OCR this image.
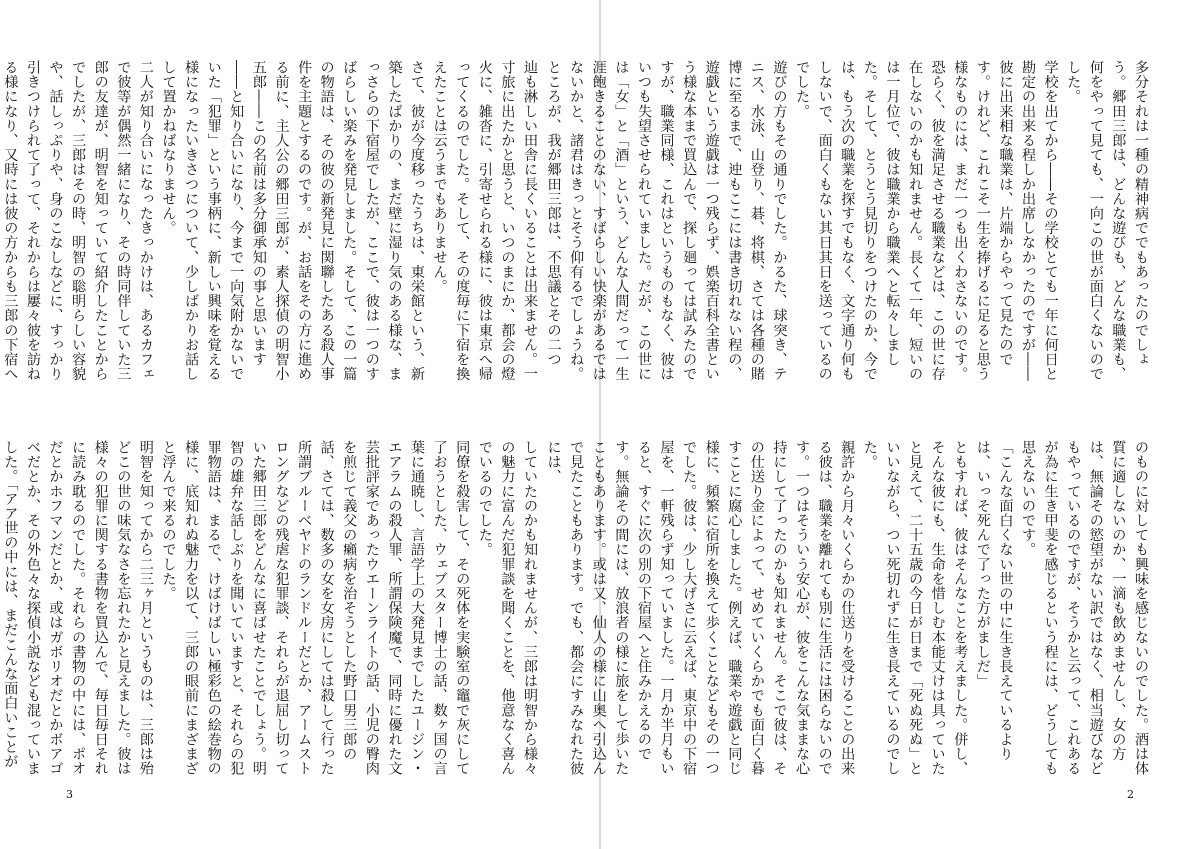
辿も淋しい田舎に長くいることは出来ません。一寸旅に出たかと思うと、いつのまにか、都会の燈火に、雑沓に、引寄せられる様に、彼は東京へ帰ってくるのでした。そして、その度毎に下宿を換えたことは云うまでもありません。
さて、彼が今度移ったうちは、東栄館という、新築したばかりの、まだ壁に湿り気のある様な、まっさらの下宿屋でしたが、ここで、彼は一つのすばらしい楽みを発見しました。そして、この一篇の物語は、その彼の新発見に関聯したある殺人事件を主題とするのです。が、お話をその方に進める前に、主人公の郷田三郎が、素人探偵の明智小五郎――この名前は多分御承知の事と思います――と知り合いになり、今まで一向気附かないでいた「犯罪」という事柄に、新しい興味を覚える様になったいきさつについて、少しばかりお話しして置かねばなりません。
二人が知り合いになったきっかけは、あるカフェで彼等が偶然一緒になり、その時同伴していた三郎の友達が、明智を知っていて紹介したことからでしたが、三郎はその時、明智の聡明らしい容貌や、話しっぷりや、身のこなしなどに、すっかり引きつけられて了って、それからは屢々彼を訪ねる様になり、又時には彼の方からも三郎の下宿へ
していたのかも知れませんが、三郎は明智から様々の魅力に富んだ犯罪談を聞くことを、他意なく喜んでいるのでした。
同僚を殺害して、その死体を実験室の竈で灰にして了おうとした、ウェブスター博士の話、数ヶ国の言葉に通暁し、言語学上の大発見までしたユージン・エアラムの殺人罪、所謂保険魔で、同時に優れた文芸批評家であったウエーンライトの話、小児の臀肉を煎じて義父の癩病を治そうとした野口男三郎の話、さては、数多の女を女房にしては殺して行った所謂ブルーベヤドのランドルーだとか、アームストロングなどの残虐な犯罪談、それらが退屈し切っていた郷田三郎をどんなに喜ばせたことでしょう。明智の雄弁な話しぶりを聞いていますと、それらの犯罪物語は、まるで、けばけばしい極彩色の絵巻物の様に、底知れぬ魅力を以て、三郎の眼前にまざまざと浮んで来るのでした。
明智を知ってから二三ヶ月というものは、三郎は殆どこの世の味気なさを忘れたかと見えました。彼は様々の犯罪に関する書物を買込んで、毎日毎日それに読み耽るのでした。それらの書物の中には、ポオだとかホフマンだとか、或はガボリオだとかボアゴベだとか、その外色々な探偵小説なども混っていました。「アア世の中には、まだこんな面白いことが
3
多分それは一種の精神病ででもあったのでしょう。郷田三郎は、どんな遊びも、どんな職業も、何をやって見ても、一向この世が面白くないのでした。
学校を出てから――その学校とても一年に何日と勘定の出来る程しか出席しなかったのですが――彼に出来相な職業は、片端からやって見たのです。けれど、これこそ一生を捧げるに足ると思う様なものには、まだ一つも出くわさないのです。恐らく、彼を満足させる職業などは、この世に存在しないのかも知れません。長くて一年、短いのは一月位で、彼は職業から職業へと転々しました。そして、とうとう見切りをつけたのか、今では、もう次の職業を探すでもなく、文字通り何もしないで、面白くもない其日其日を送っているのでした。
遊びの方もその通りでした。かるた、球突き、テニス、水泳、山登り、碁、将棋、さては各種の賭博に至るまで、迚もここには書き切れない程の、遊戯という遊戯は一つ残らず、娯楽百科全書という様な本まで買込んで、探し廻っては試みたのですが、職業同様、これはというものもなく、彼はいつも失望させられていました。だが、この世には「女」と「酒」という、どんな人間だって一生涯飽きることのない、すばらしい快楽があるではないかと、諸君はきっとそう仰有るでしょうね。ところが、我が郷田三郎は、不思議とその二つ
のものに対しても興味を感じないのでした。酒は体質に適しないのか、一滴も飲めませんし、女の方は、無論その慾望がない訳ではなく、相当遊びなどもやっているのですが、そうかと云って、これあるが為に生き甲斐を感じるという程には、どうしても思えないのです。
「こんな面白くない世の中に生き長えているよりは、いっそ死んで了った方がましだ」
ともすれば、彼はそんなことを考えました。併し、そんな彼にも、生命を惜しむ本能丈けは具っていたと見えて、二十五歳の今日が日まで「死ぬ死ぬ」といいながら、つい死切れずに生き長えているのでした。
親許から月々いくらかの仕送りを受けることの出来る彼は、職業を離れても別に生活には困らないのです。一つはそういう安心が、彼をこんな気ままな心持にして了ったのかも知れません。そこで彼は、その仕送り金によって、せめていくらかでも面白く暮すことに腐心しました。例えば、職業や遊戯と同じ様に、頻繁に宿所を換えて歩くことなどもその一つでした。彼は、少し大げさに云えば、東京中の下宿屋を、一軒残らず知っていました。一月か半月もいると、すぐに次の別の下宿屋へと住みかえるのです。無論その間には、放浪者の様に旅をして歩いたこともあります。或は又、仙人の様に山奥へ引込んで見たこともあります。でも、都会にすみなれた彼には、
2
